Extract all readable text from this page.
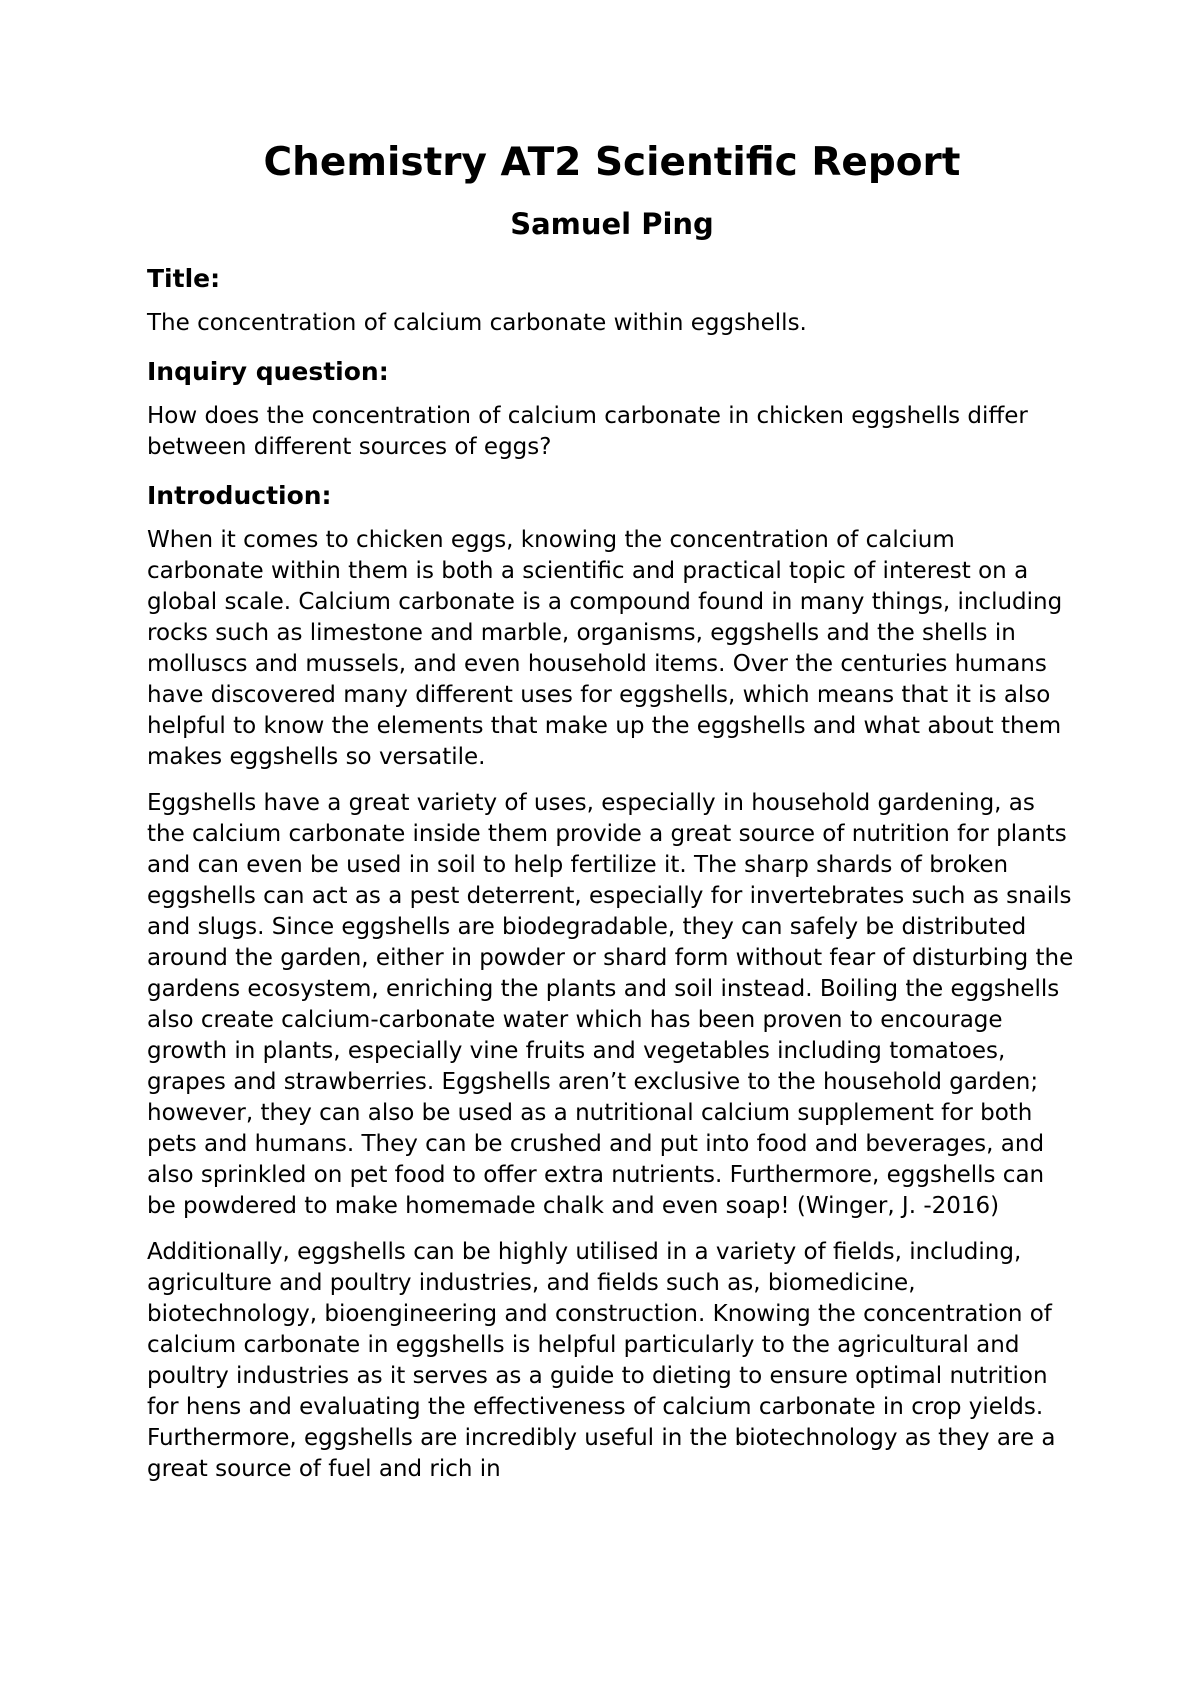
Chemistry AT2 Scientific Report
Samuel Ping
Title:

The concentration of calcium carbonate within eggshells.

Inquiry question:

How does the concentration of calcium carbonate in chicken eggshells differ between different sources of eggs?

Introduction:

When it comes to chicken eggs, knowing the concentration of calcium carbonate within them is both a scientific and practical topic of interest on a global scale. Calcium carbonate is a compound found in many things, including rocks such as limestone and marble, organisms, eggshells and the shells in molluscs and mussels, and even household items. Over the centuries humans have discovered many different uses for eggshells, which means that it is also helpful to know the elements that make up the eggshells and what about them makes eggshells so versatile.

Eggshells have a great variety of uses, especially in household gardening, as the calcium carbonate inside them provide a great source of nutrition for plants and can even be used in soil to help fertilize it. The sharp shards of broken eggshells can act as a pest deterrent, especially for invertebrates such as snails and slugs. Since eggshells are biodegradable, they can safely be distributed around the garden, either in powder or shard form without fear of disturbing the gardens ecosystem, enriching the plants and soil instead. Boiling the eggshells also create calcium-carbonate water which has been proven to encourage growth in plants, especially vine fruits and vegetables including tomatoes, grapes and strawberries. Eggshells aren’t exclusive to the household garden; however, they can also be used as a nutritional calcium supplement for both pets and humans. They can be crushed and put into food and beverages, and also sprinkled on pet food to offer extra nutrients. Furthermore, eggshells can be powdered to make homemade chalk and even soap! (Winger, J. -2016)

Additionally, eggshells can be highly utilised in a variety of fields, including, agriculture and poultry industries, and fields such as, biomedicine, biotechnology, bioengineering and construction. Knowing the concentration of calcium carbonate in eggshells is helpful particularly to the agricultural and poultry industries as it serves as a guide to dieting to ensure optimal nutrition for hens and evaluating the effectiveness of calcium carbonate in crop yields. Furthermore, eggshells are incredibly useful in the biotechnology as they are a great source of fuel and rich in
